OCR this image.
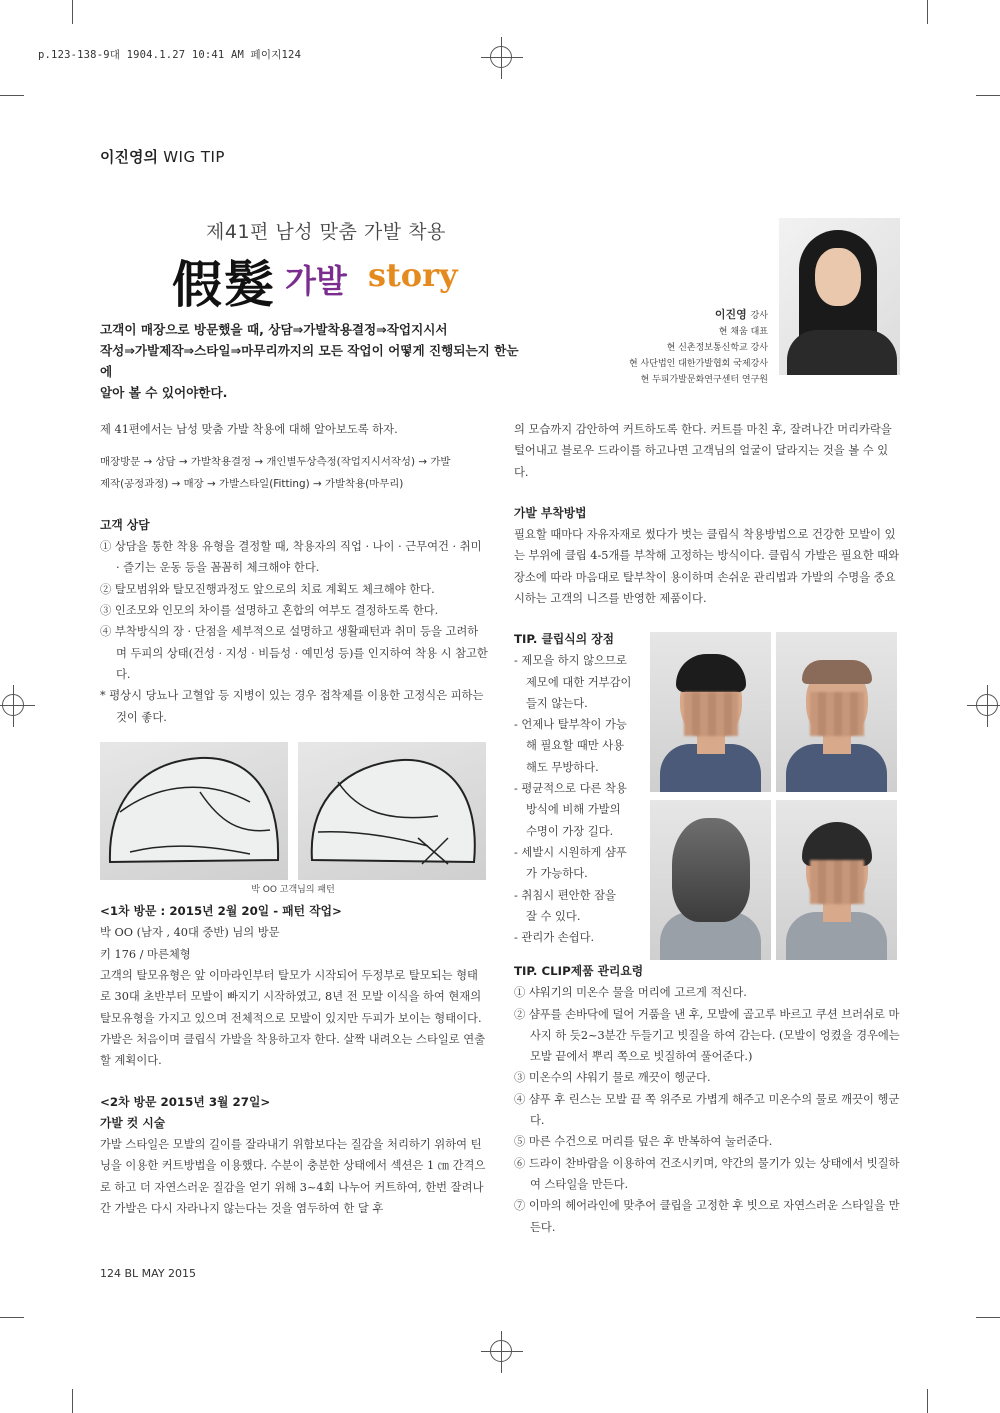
p.123-138-9대 1904.1.27 10:41 AM 페이지124
이진영의 WIG TIP
제41편 남성 맞춤 가발 착용
假髮 가발 story
고객이 매장으로 방문했을 때, 상담⇒가발착용결정⇒작업지시서
작성⇒가발제작⇒스타일⇒마무리까지의 모든 작업이 어떻게 진행되는지 한눈에
알아 볼 수 있어야한다.
이진영 강사
현 채움 대표
현 신촌정보통신학교 강사
현 사단법인 대한가발협회 국제강사
현 두피가발문화연구센터 연구원

제 41편에서는 남성 맞춤 가발 착용에 대해 알아보도록 하자.

매장방문 → 상담 → 가발착용결정 → 개인별두상측정(작업지시서작성) → 가발
제작(공정과정) → 매장 → 가발스타일(Fitting) → 가발착용(마무리)

고객 상담

① 상담을 통한 착용 유형을 결정할 때, 착용자의 직업 · 나이 · 근무여건 · 취미 · 즐기는 운동 등을 꼼꼼히 체크해야 한다.

② 탈모범위와 탈모진행과정도 앞으로의 치료 계획도 체크해야 한다.

③ 인조모와 인모의 차이를 설명하고 혼합의 여부도 결정하도록 한다.

④ 부착방식의 장 · 단점을 세부적으로 설명하고 생활패턴과 취미 등을 고려하며 두피의 상태(건성 · 지성 · 비듬성 · 예민성 등)를 인지하여 착용 시 참고한다.

* 평상시 당뇨나 고혈압 등 지병이 있는 경우 접착제를 이용한 고정식은 피하는 것이 좋다.

박 OO 고객님의 패턴

<1차 방문 : 2015년 2월 20일 - 패턴 작업>

박 OO (남자 , 40대 중반) 님의 방문

키 176 / 마른체형

고객의 탈모유형은 앞 이마라인부터 탈모가 시작되어 두정부로 탈모되는 형태로 30대 초반부터 모발이 빠지기 시작하였고, 8년 전 모발 이식을 하여 현재의 탈모유형을 가지고 있으며 전체적으로 모발이 있지만 두피가 보이는 형태이다. 가발은 처음이며 클립식 가발을 착용하고자 한다. 살짝 내려오는 스타일로 연출 할 계획이다.

<2차 방문 2015년 3월 27일>

가발 컷 시술

가발 스타일은 모발의 길이를 잘라내기 위함보다는 질감을 처리하기 위하여 틴닝을 이용한 커트방법을 이용했다. 수분이 충분한 상태에서 섹션은 1 ㎝ 간격으로 하고 더 자연스러운 질감을 얻기 위해 3~4회 나누어 커트하여, 한번 잘려나간 가발은 다시 자라나지 않는다는 것을 염두하여 한 달 후

의 모습까지 감안하여 커트하도록 한다. 커트를 마친 후, 잘려나간 머리카락을 털어내고 블로우 드라이를 하고나면 고객님의 얼굴이 달라지는 것을 볼 수 있다.

가발 부착방법

필요할 때마다 자유자재로 썼다가 벗는 클립식 착용방법으로 건강한 모발이 있는 부위에 클립 4-5개를 부착해 고정하는 방식이다. 클립식 가발은 필요한 때와 장소에 따라 마음대로 탈부착이 용이하며 손쉬운 관리법과 가발의 수명을 중요시하는 고객의 니즈를 반영한 제품이다.

TIP. 클립식의 장점

- 제모을 하지 않으므로

제모에 대한 거부감이

들지 않는다.

- 언제나 탈부착이 가능

해 필요할 때만 사용

해도 무방하다.

- 평균적으로 다른 착용

방식에 비해 가발의

수명이 가장 길다.

- 세발시 시원하게 샴푸

가 가능하다.

- 취침시 편안한 잠을

잘 수 있다.

- 관리가 손쉽다.

TIP. CLIP제품 관리요령

① 샤워기의 미온수 물을 머리에 고르게 적신다.

② 샴푸를 손바닥에 덜어 거품을 낸 후, 모발에 골고루 바르고 쿠션 브러쉬로 마사지 하 듯2~3분간 두들기고 빗질을 하여 감는다. (모발이 엉켰을 경우에는 모발 끝에서 뿌리 쪽으로 빗질하여 풀어준다.)

③ 미온수의 샤워기 물로 깨끗이 헹군다.

④ 샴푸 후 린스는 모발 끝 쪽 위주로 가볍게 해주고 미온수의 물로 깨끗이 헹군다.

⑤ 마른 수건으로 머리를 덮은 후 반복하여 눌러준다.

⑥ 드라이 찬바람을 이용하여 건조시키며, 약간의 물기가 있는 상태에서 빗질하여 스타일을 만든다.

⑦ 이마의 헤어라인에 맞추어 클립을 고정한 후 빗으로 자연스러운 스타일을 만든다.

124 BL MAY 2015
